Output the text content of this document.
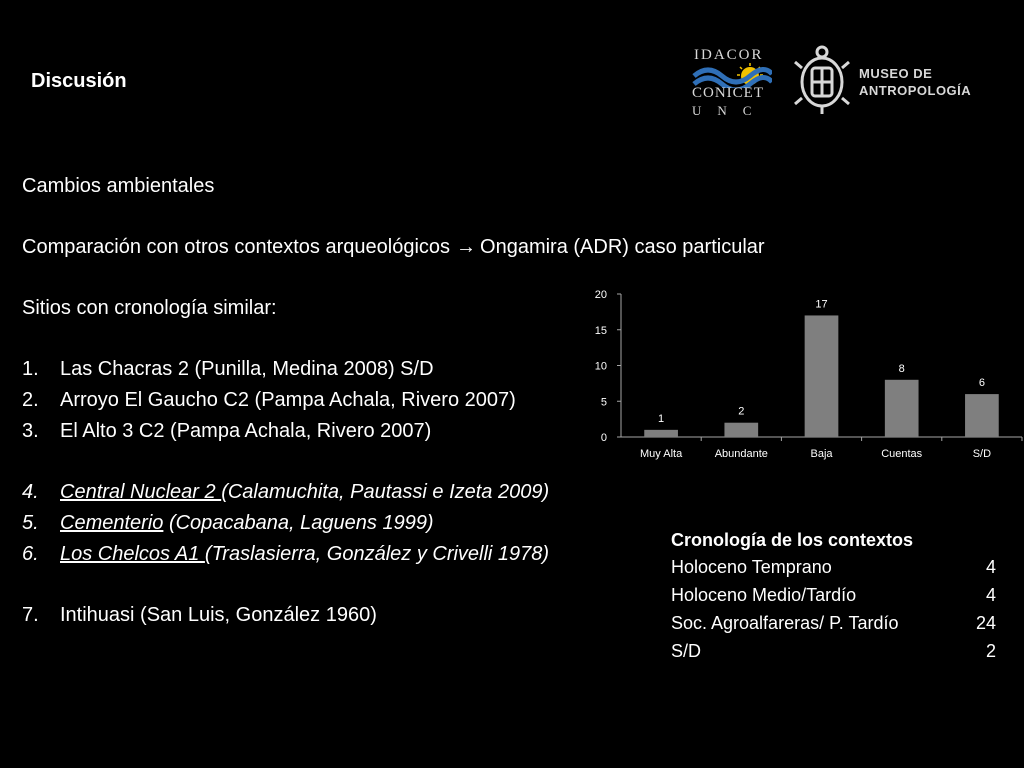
Discusión
IDACOR
CONICET
UNC
MUSEO DE
ANTROPOLOGÍA
Cambios ambientales
Comparación con otros contextos arqueológicos → Ongamira (ADR) caso particular
Sitios con cronología similar:
1. Las Chacras 2 (Punilla, Medina 2008) S/D
2. Arroyo El Gaucho C2 (Pampa Achala, Rivero 2007)
3. El Alto 3 C2 (Pampa Achala, Rivero 2007)
4. Central Nuclear 2 (Calamuchita, Pautassi e Izeta 2009)
5. Cementerio (Copacabana, Laguens 1999)
6. Los Chelcos A1 (Traslasierra, González y Crivelli 1978)
7. Intihuasi (San Luis, González 1960)
0
5
10
15
20
1
Muy Alta
2
Abundante
17
Baja
8
Cuentas
6
S/D
Cronología de los contextos
Holoceno Temprano	4
Holoceno Medio/Tardío	4
Soc. Agroalfareras/ P. Tardío	24
S/D	2
